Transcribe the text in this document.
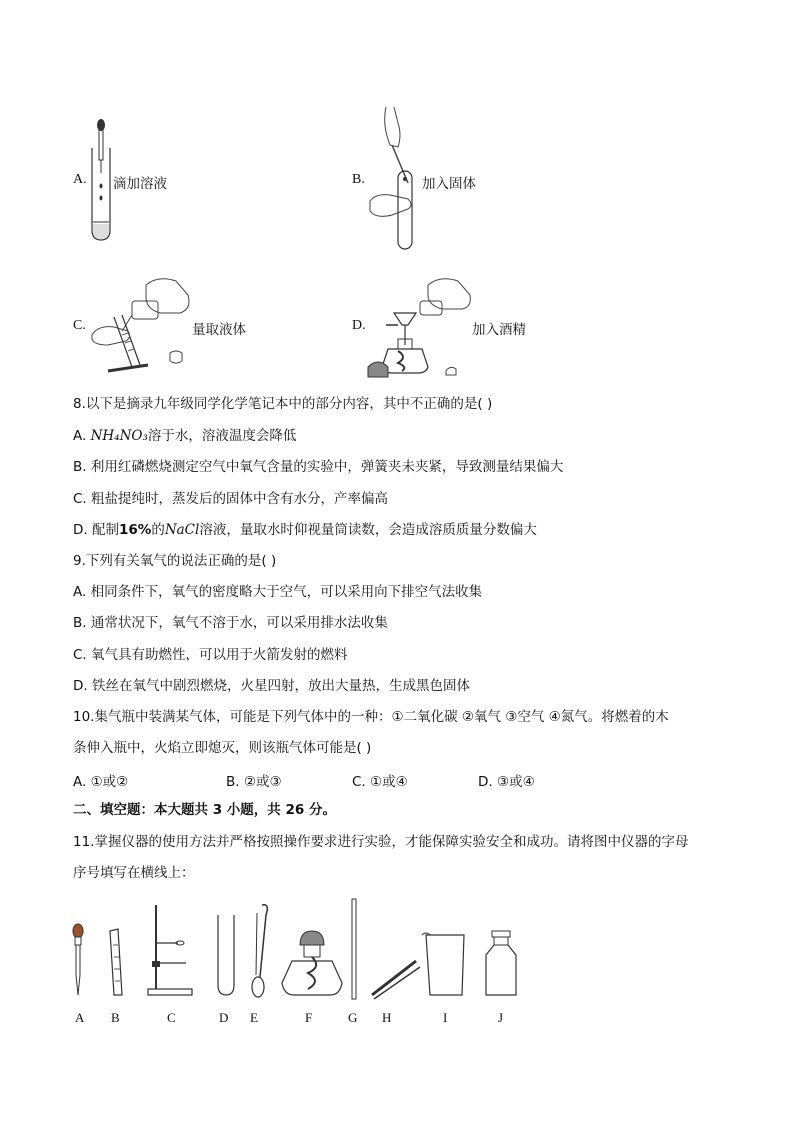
A. 滴加溶液	B.	加入固体
C.	量取液体	D.	加入酒精
8.以下是摘录九年级同学化学笔记本中的部分内容，其中不正确的是( )
A. NH₄NO₃溶于水，溶液温度会降低
B. 利用红磷燃烧测定空气中氧气含量的实验中，弹簧夹未夹紧，导致测量结果偏大
C. 粗盐提纯时，蒸发后的固体中含有水分，产率偏高
D. 配制16%的NaCl溶液，量取水时仰视量筒读数，会造成溶质质量分数偏大
9.下列有关氧气的说法正确的是( )
A. 相同条件下，氧气的密度略大于空气，可以采用向下排空气法收集
B. 通常状况下，氧气不溶于水，可以采用排水法收集
C. 氧气具有助燃性，可以用于火箭发射的燃料
D. 铁丝在氧气中剧烈燃烧，火星四射，放出大量热，生成黑色固体
10.集气瓶中装满某气体，可能是下列气体中的一种：①二氧化碳 ②氧气 ③空气 ④氮气。将燃着的木
条伸入瓶中，火焰立即熄灭，则该瓶气体可能是( )
A. ①或②	B. ②或③	C. ①或④	D. ③或④
二、填空题：本大题共 3 小题，共 26 分。
11.掌握仪器的使用方法并严格按照操作要求进行实验，才能保障实验安全和成功。请将图中仪器的字母
序号填写在横线上：
A B	C	D E	F	G H	I	J
